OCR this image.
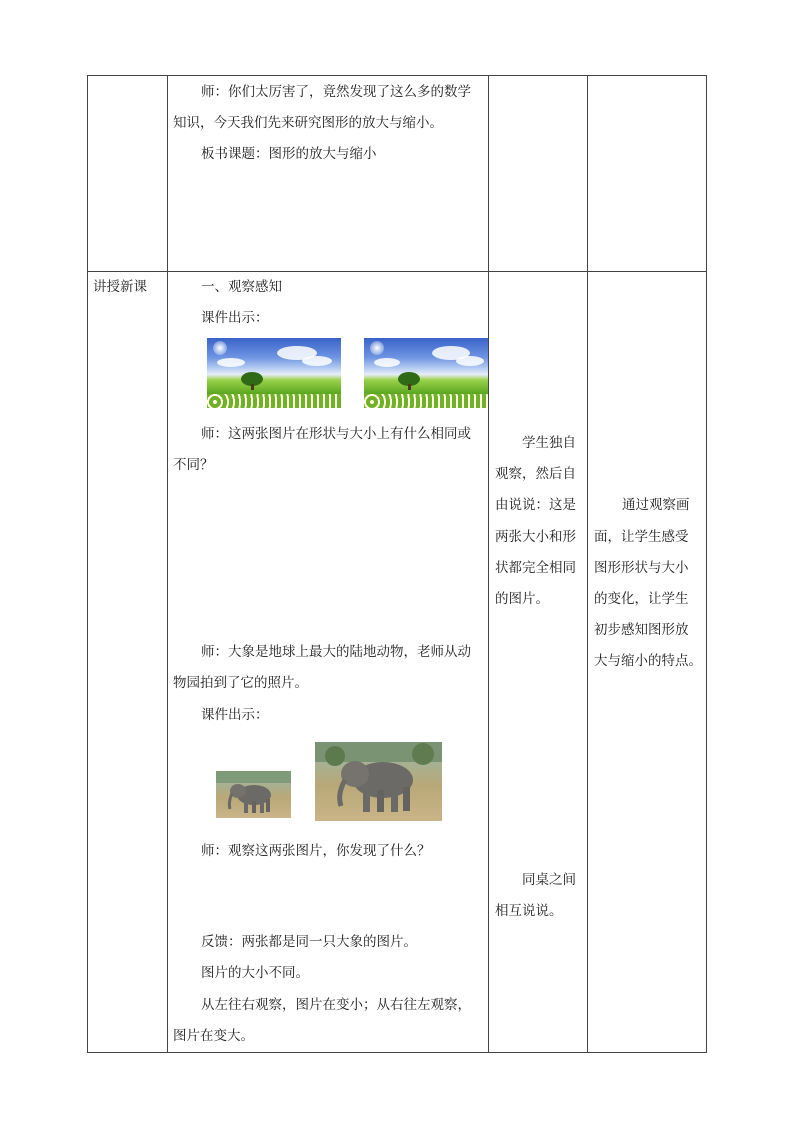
师：你们太厉害了，竟然发现了这么多的数学
知识，今天我们先来研究图形的放大与缩小。
板书课题：图形的放大与缩小
讲授新课	一、观察感知
课件出示：
师：这两张图片在形状与大小上有什么相同或
不同？
师：大象是地球上最大的陆地动物，老师从动
物园拍到了它的照片。
课件出示：
师：观察这两张图片，你发现了什么？
反馈：两张都是同一只大象的图片。
图片的大小不同。
从左往右观察，图片在变小；从右往左观察，
图片在变大。
学生独自
观察，然后自
由说说：这是
两张大小和形
状都完全相同
的图片。
同桌之间
相互说说。
通过观察画
面，让学生感受
图形形状与大小
的变化，让学生
初步感知图形放
大与缩小的特点。
